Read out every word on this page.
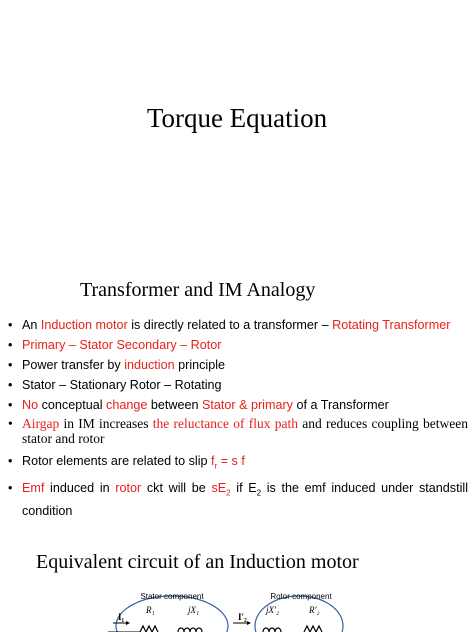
Torque Equation
Transformer and IM Analogy
• An Induction motor is directly related to a transformer – Rotating Transformer
• Primary – Stator Secondary – Rotor
• Power transfer by induction principle
• Stator – Stationary Rotor – Rotating
• No conceptual change between Stator & primary of a Transformer
• Airgap in IM increases the reluctance of flux path and reduces coupling between stator and rotor
• Rotor elements are related to slip $f_r = s$ f
• Emf induced in rotor ckt will be $sE_2$ if $E_2$ is the emf induced under standstill condition
Equivalent circuit of an Induction motor
Stator component	Rotor component
I₁
R₁	jX₁
I′₂
jX′₂	R′₂
